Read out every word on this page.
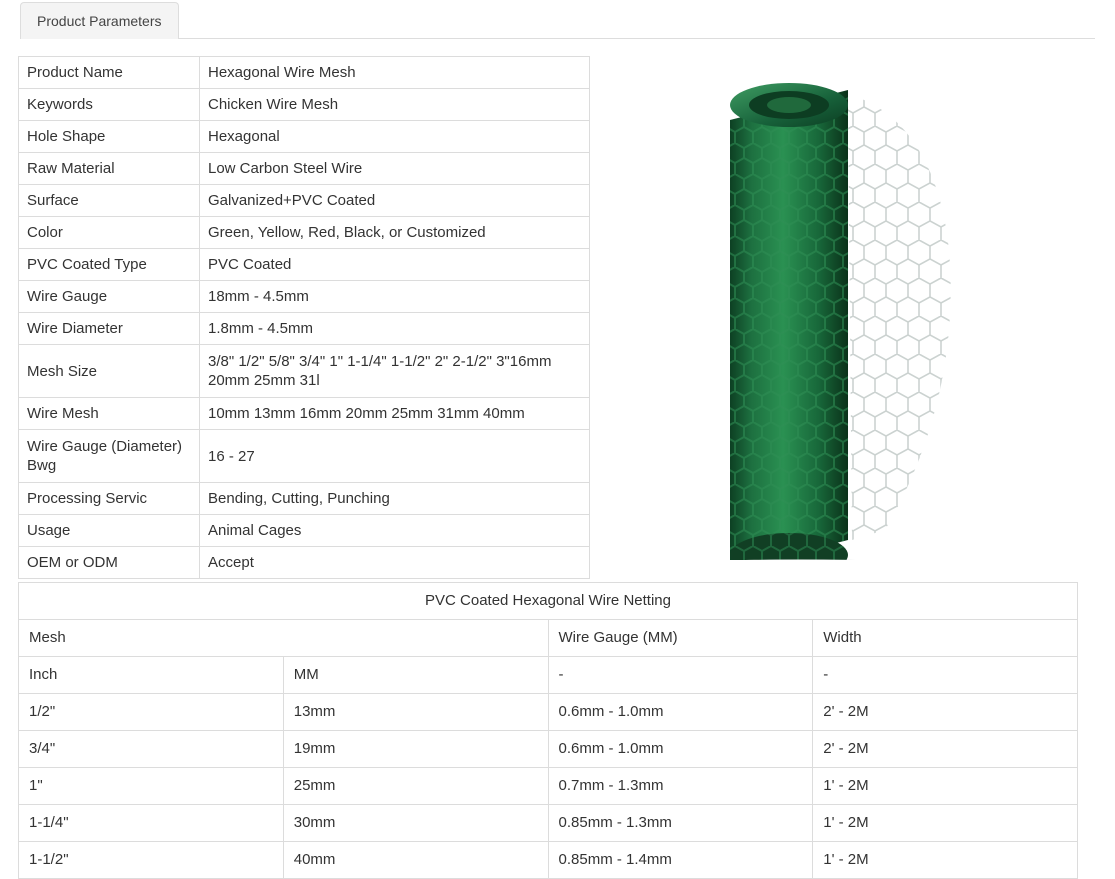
Product Parameters
Product Name	Hexagonal Wire Mesh
Keywords	Chicken Wire Mesh
Hole Shape	Hexagonal
Raw Material	Low Carbon Steel Wire
Surface	Galvanized+PVC Coated
Color	Green, Yellow, Red, Black, or Customized
PVC Coated Type	PVC Coated
Wire Gauge	18mm - 4.5mm
Wire Diameter	1.8mm - 4.5mm
Mesh Size	3/8" 1/2" 5/8" 3/4" 1" 1-1/4" 1-1/2" 2" 2-1/2" 3"16mm 20mm 25mm 31l
Wire Mesh	10mm 13mm 16mm 20mm 25mm 31mm 40mm
Wire Gauge (Diameter) Bwg	16 - 27
Processing Servic	Bending, Cutting, Punching
Usage	Animal Cages
OEM or ODM	Accept
PVC Coated Hexagonal Wire Netting			
Mesh		Wire Gauge (MM)	Width
Inch	MM	-	-
1/2"	13mm	0.6mm - 1.0mm	2' - 2M
3/4"	19mm	0.6mm - 1.0mm	2' - 2M
1"	25mm	0.7mm - 1.3mm	1' - 2M
1-1/4"	30mm	0.85mm - 1.3mm	1' - 2M
1-1/2"	40mm	0.85mm - 1.4mm	1' - 2M
